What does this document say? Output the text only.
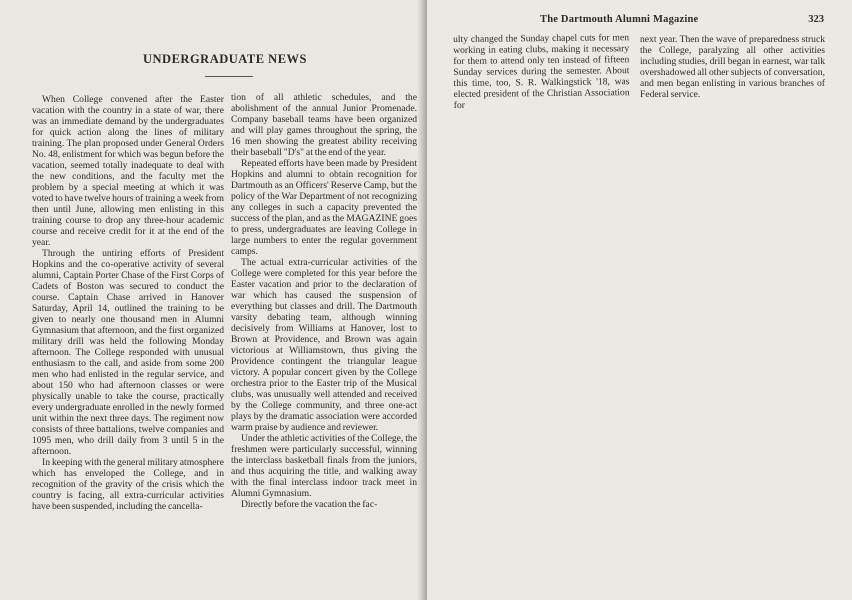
UNDERGRADUATE NEWS

When College convened after the Easter vacation with the country in a state of war, there was an immediate demand by the undergraduates for quick action along the lines of military training. The plan proposed under General Orders No. 48, enlistment for which was begun before the vacation, seemed totally inadequate to deal with the new conditions, and the faculty met the problem by a special meeting at which it was voted to have twelve hours of training a week from then until June, allowing men enlisting in this training course to drop any three-hour academic course and receive credit for it at the end of the year.

Through the untiring efforts of President Hopkins and the co-operative activity of several alumni, Captain Porter Chase of the First Corps of Cadets of Boston was secured to conduct the course. Captain Chase arrived in Hanover Saturday, April 14, outlined the training to be given to nearly one thousand men in Alumni Gymnasium that afternoon, and the first organized military drill was held the following Monday afternoon. The College responded with unusual enthusiasm to the call, and aside from some 200 men who had enlisted in the regular service, and about 150 who had afternoon classes or were physically unable to take the course, practically every undergraduate enrolled in the newly formed unit within the next three days. The regiment now consists of three battalions, twelve companies and 1095 men, who drill daily from 3 until 5 in the afternoon.

In keeping with the general military atmosphere which has enveloped the College, and in recognition of the gravity of the crisis which the country is facing, all extra-curricular activities have been suspended, including the cancella-

tion of all athletic schedules, and the abolishment of the annual Junior Promenade. Company baseball teams have been organized and will play games throughout the spring, the 16 men showing the greatest ability receiving their baseball "D's" at the end of the year.

Repeated efforts have been made by President Hopkins and alumni to obtain recognition for Dartmouth as an Officers' Reserve Camp, but the policy of the War Department of not recognizing any colleges in such a capacity prevented the success of the plan, and as the MAGAZINE goes to press, undergraduates are leaving College in large numbers to enter the regular government camps.

The actual extra-curricular activities of the College were completed for this year before the Easter vacation and prior to the declaration of war which has caused the suspension of everything but classes and drill. The Dartmouth varsity debating team, although winning decisively from Williams at Hanover, lost to Brown at Providence, and Brown was again victorious at Williamstown, thus giving the Providence contingent the triangular league victory. A popular concert given by the College orchestra prior to the Easter trip of the Musical clubs, was unusually well attended and received by the College community, and three one-act plays by the dramatic association were accorded warm praise by audience and reviewer.

Under the athletic activities of the College, the freshmen were particularly successful, winning the interclass basketball finals from the juniors, and thus acquiring the title, and walking away with the final interclass indoor track meet in Alumni Gymnasium.

Directly before the vacation the fac-

The Dartmouth Alumni Magazine	323

ulty changed the Sunday chapel cuts for men working in eating clubs, making it necessary for them to attend only ten instead of fifteen Sunday services during the semester. About this time, too, S. R. Walkingstick '18, was elected president of the Christian Association for

next year. Then the wave of preparedness struck the College, paralyzing all other activities including studies, drill began in earnest, war talk overshadowed all other subjects of conversation, and men began enlisting in various branches of Federal service.
